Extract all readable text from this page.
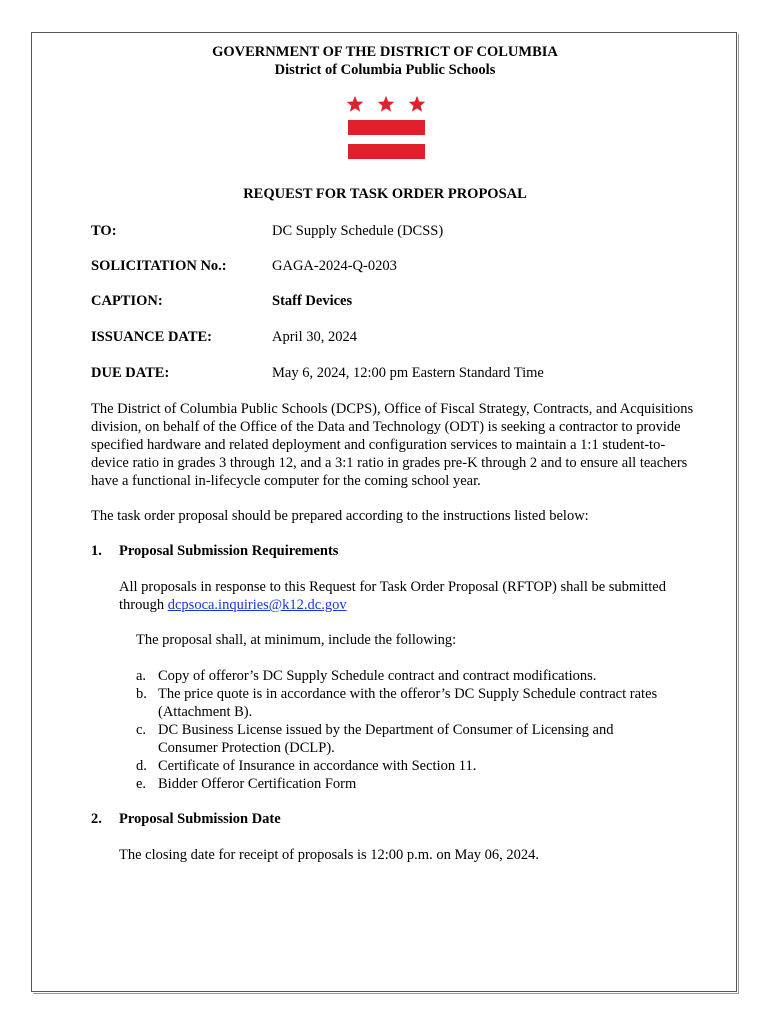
GOVERNMENT OF THE DISTRICT OF COLUMBIA
District of Columbia Public Schools
REQUEST FOR TASK ORDER PROPOSAL
TO:	DC Supply Schedule (DCSS)
SOLICITATION No.:	GAGA-2024-Q-0203
CAPTION:	Staff Devices
ISSUANCE DATE:	April 30, 2024
DUE DATE:	May 6, 2024, 12:00 pm Eastern Standard Time
The District of Columbia Public Schools (DCPS), Office of Fiscal Strategy, Contracts, and Acquisitions
division, on behalf of the Office of the Data and Technology (ODT) is seeking a contractor to provide
specified hardware and related deployment and configuration services to maintain a 1:1 student-to-
device ratio in grades 3 through 12, and a 3:1 ratio in grades pre-K through 2 and to ensure all teachers
have a functional in-lifecycle computer for the coming school year.
The task order proposal should be prepared according to the instructions listed below:
1. Proposal Submission Requirements
All proposals in response to this Request for Task Order Proposal (RFTOP) shall be submitted
through dcpsoca.inquiries@k12.dc.gov
The proposal shall, at minimum, include the following:
a. Copy of offeror’s DC Supply Schedule contract and contract modifications.
b. The price quote is in accordance with the offeror’s DC Supply Schedule contract rates
(Attachment B).
c. DC Business License issued by the Department of Consumer of Licensing and
Consumer Protection (DCLP).
d. Certificate of Insurance in accordance with Section 11.
e. Bidder Offeror Certification Form
2. Proposal Submission Date
The closing date for receipt of proposals is 12:00 p.m. on May 06, 2024.
